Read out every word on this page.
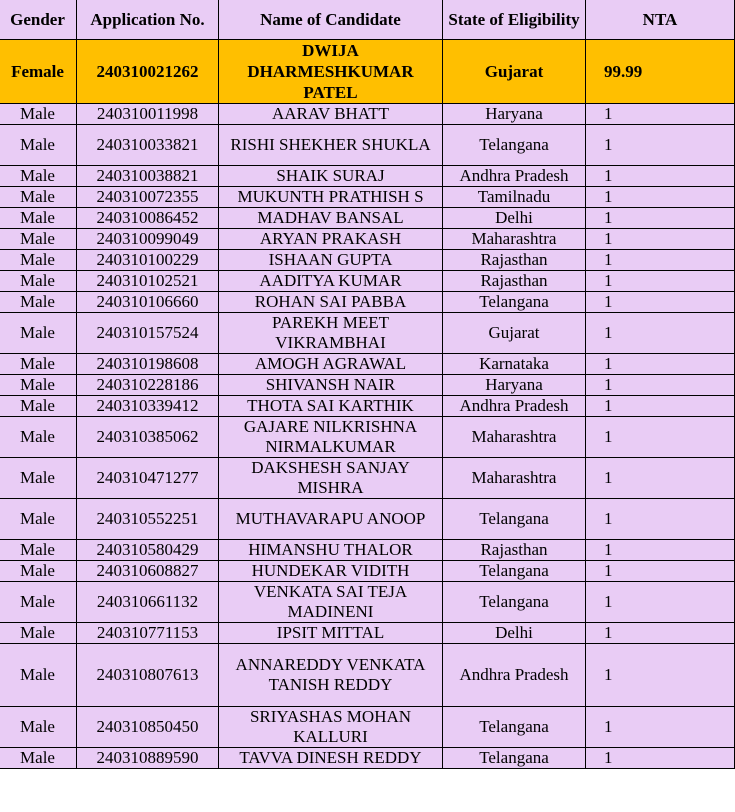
Gender	Application No.	Name of Candidate	State of Eligibility	NTA
Female	240310021262	DWIJA DHARMESHKUMAR PATEL	Gujarat	99.99
Male	240310011998	AARAV BHATT	Haryana	1
Male	240310033821	RISHI SHEKHER SHUKLA	Telangana	1
Male	240310038821	SHAIK SURAJ	Andhra Pradesh	1
Male	240310072355	MUKUNTH PRATHISH S	Tamilnadu	1
Male	240310086452	MADHAV BANSAL	Delhi	1
Male	240310099049	ARYAN PRAKASH	Maharashtra	1
Male	240310100229	ISHAAN GUPTA	Rajasthan	1
Male	240310102521	AADITYA KUMAR	Rajasthan	1
Male	240310106660	ROHAN SAI PABBA	Telangana	1
Male	240310157524	PAREKH MEET VIKRAMBHAI	Gujarat	1
Male	240310198608	AMOGH AGRAWAL	Karnataka	1
Male	240310228186	SHIVANSH NAIR	Haryana	1
Male	240310339412	THOTA SAI KARTHIK	Andhra Pradesh	1
Male	240310385062	GAJARE NILKRISHNA NIRMALKUMAR	Maharashtra	1
Male	240310471277	DAKSHESH SANJAY MISHRA	Maharashtra	1
Male	240310552251	MUTHAVARAPU ANOOP	Telangana	1
Male	240310580429	HIMANSHU THALOR	Rajasthan	1
Male	240310608827	HUNDEKAR VIDITH	Telangana	1
Male	240310661132	VENKATA SAI TEJA MADINENI	Telangana	1
Male	240310771153	IPSIT MITTAL	Delhi	1
Male	240310807613	ANNAREDDY VENKATA TANISH REDDY	Andhra Pradesh	1
Male	240310850450	SRIYASHAS MOHAN KALLURI	Telangana	1
Male	240310889590	TAVVA DINESH REDDY	Telangana	1
